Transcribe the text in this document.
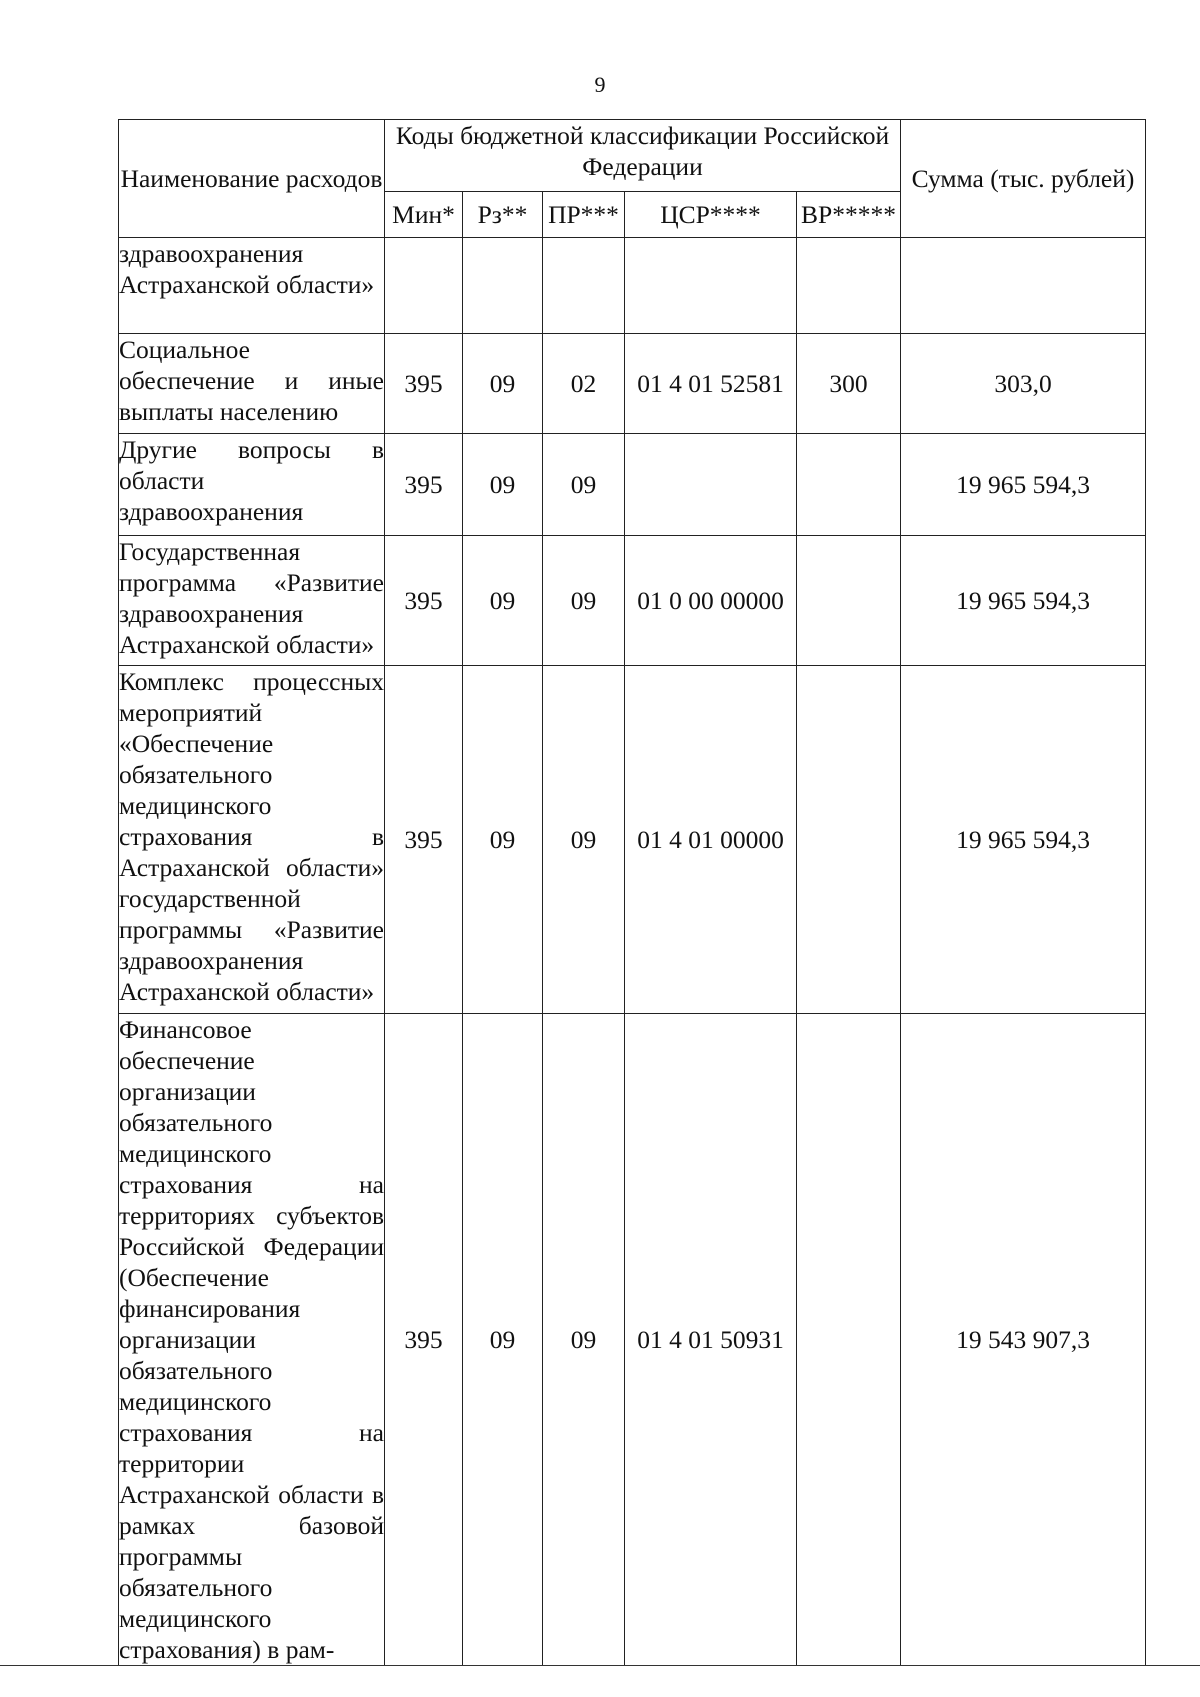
9
Наименование расходов	Коды бюджетной классификации Российской Федерации					Сумма (тыс. рублей)
	Мин*	Рз**	ПР***	ЦСР****	ВР*****	
здравоохранения Астраханской области»						
Социальное обеспечение и иные выплаты населению	395	09	02	01 4 01 52581	300	303,0
Другие вопросы в области здравоохранения	395	09	09			19 965 594,3
Государственная программа «Развитие здравоохранения Астраханской области»	395	09	09	01 0 00 00000		19 965 594,3
Комплекс процессных мероприятий «Обеспечение обязательного медицинского страхования в Астраханской области» государственной программы «Развитие здравоохранения Астраханской области»	395	09	09	01 4 01 00000		19 965 594,3
Финансовое обеспечение организации обязательного медицинского страхования на территориях субъектов Российской Федерации (Обеспечение финансирования организации обязательного медицинского страхования на территории Астраханской области в рамках базовой программы обязательного медицинского страхования) в рам-	395	09	09	01 4 01 50931		19 543 907,3
